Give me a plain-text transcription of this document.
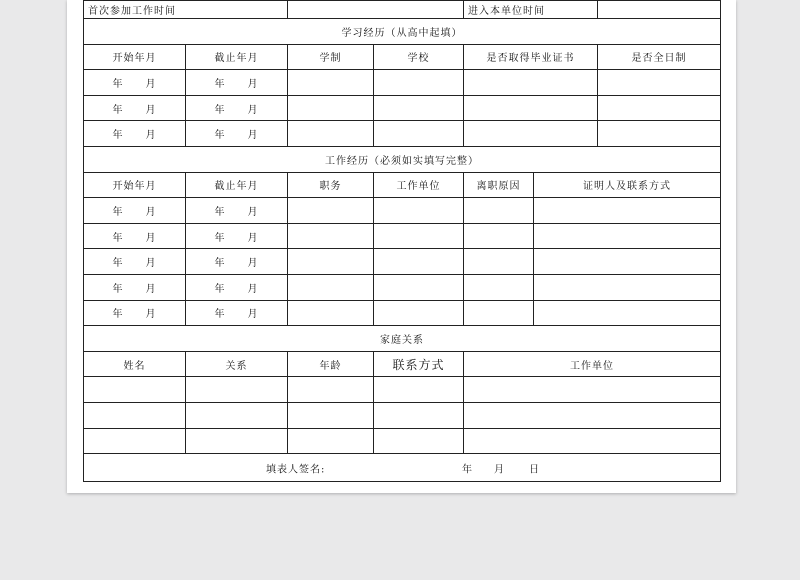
首次参加工作时间				进入本单位时间		
学习经历（从高中起填）						
开始年月	截止年月	学制	学校	是否取得毕业证书		是否全日制
年 月	年 月					
年 月	年 月					
年 月	年 月					
工作经历（必须如实填写完整）						
开始年月	截止年月	职务	工作单位	离职原因	证明人及联系方式	
年 月	年 月					
年 月	年 月					
年 月	年 月					
年 月	年 月					
年 月	年 月					
家庭关系						
姓名	关系	年龄	联系方式	工作单位		

填表人签名: 年 月 日						
